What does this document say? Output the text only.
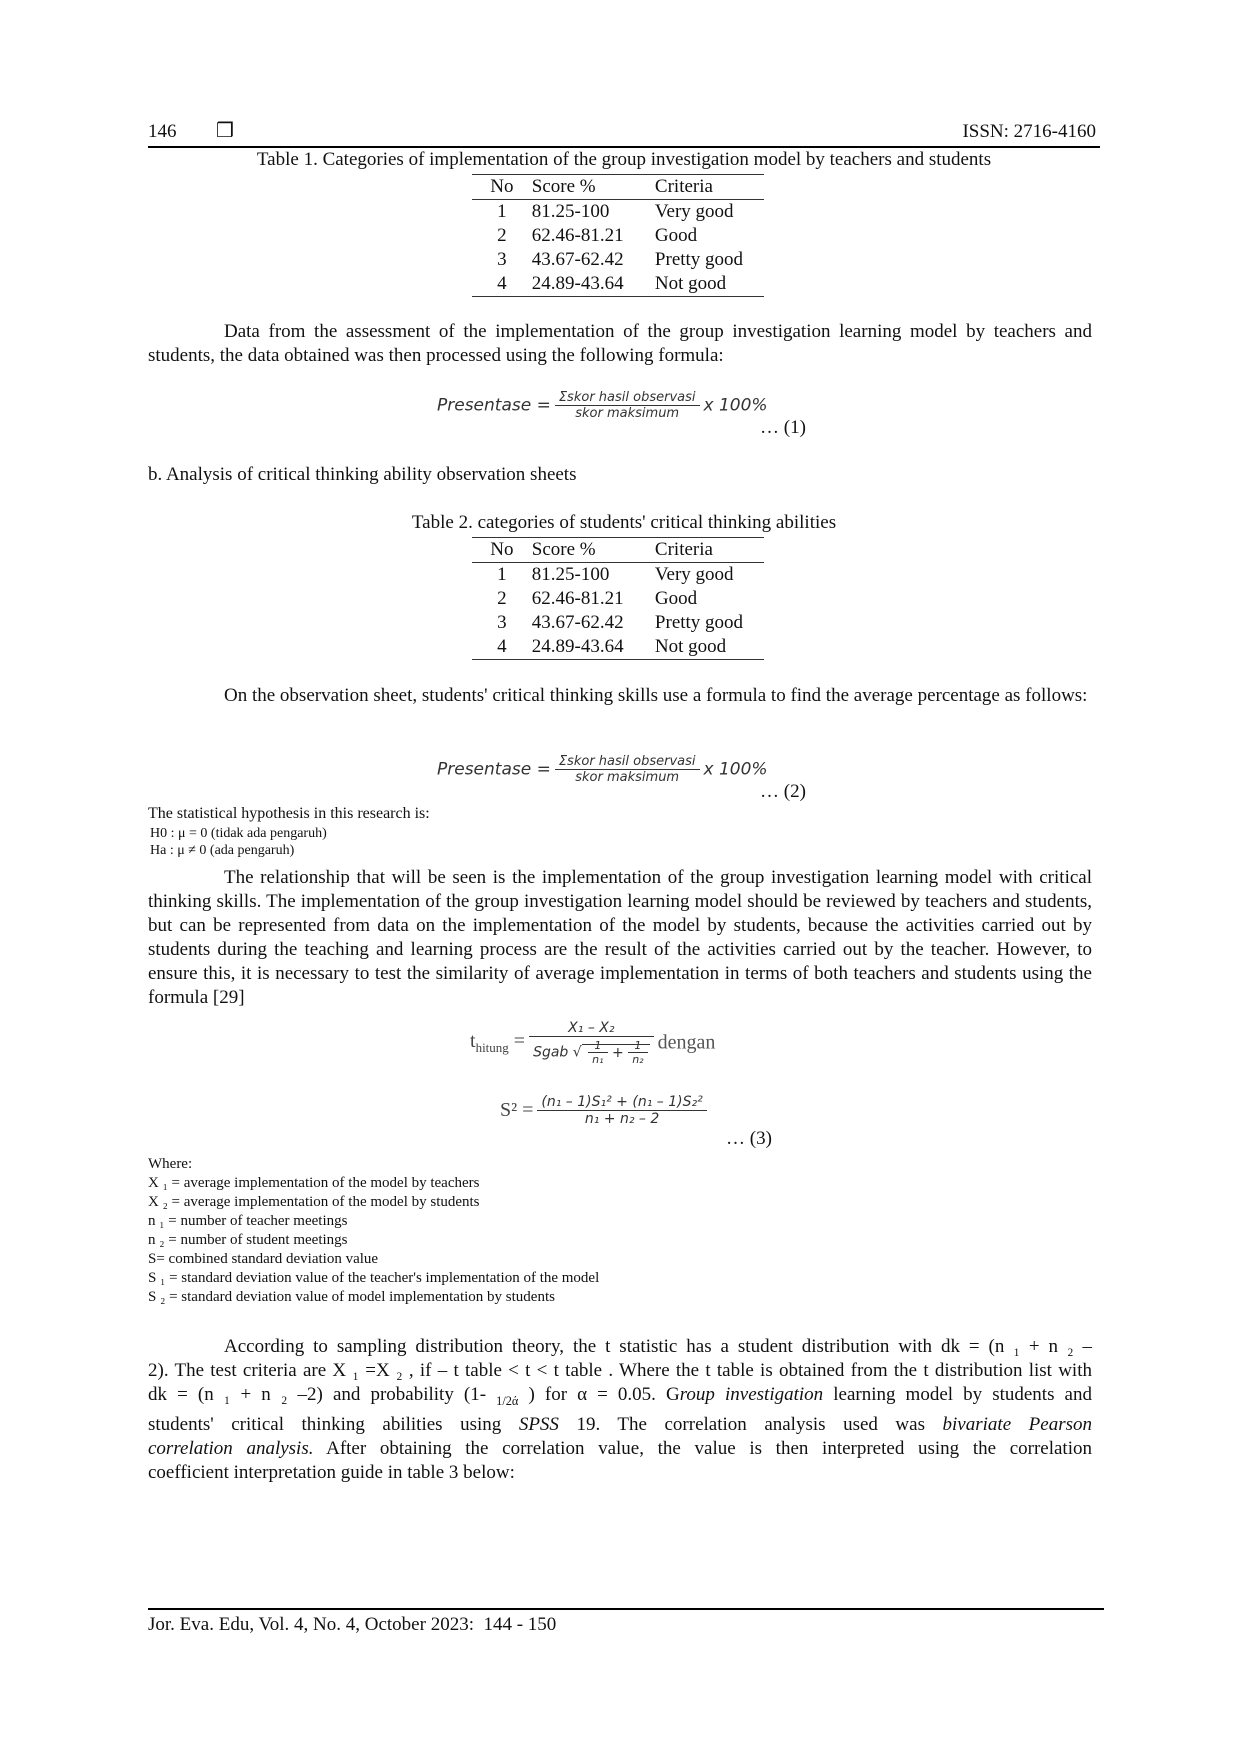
146 ❒	ISSN: 2716-4160
Table 1. Categories of implementation of the group investigation model by teachers and students
No	Score %	Criteria
1	81.25-100	Very good
2	62.46-81.21	Good
3	43.67-62.42	Pretty good
4	24.89-43.64	Not good
Data from the assessment of the implementation of the group investigation learning model by teachers and students, the data obtained was then processed using the following formula:
Presentase = $\frac{\text{Σskor hasil observasi}}{\text{skor maksimum}}$ x 100%
… (1)
b. Analysis of critical thinking ability observation sheets
Table 2. categories of students' critical thinking abilities
No	Score %	Criteria
1	81.25-100	Very good
2	62.46-81.21	Good
3	43.67-62.42	Pretty good
4	24.89-43.64	Not good
On the observation sheet, students' critical thinking skills use a formula to find the average percentage as follows:
Presentase = $\frac{\text{Σskor hasil observasi}}{\text{skor maksimum}}$ x 100%
… (2)
The statistical hypothesis in this research is:
H0 : μ = 0 (tidak ada pengaruh)
Ha : μ ≠ 0 (ada pengaruh)
The relationship that will be seen is the implementation of the group investigation learning model with critical thinking skills. The implementation of the group investigation learning model should be reviewed by teachers and students, but can be represented from data on the implementation of the model by students, because the activities carried out by students during the teaching and learning process are the result of the activities carried out by the teacher. However, to ensure this, it is necessary to test the similarity of average implementation in terms of both teachers and students using the formula [29]
$t_{hitung} = \frac{\text{X₁ – X₂}}{Sgab √ \frac{1}{\text{n₁}} + \frac{1}{\text{n₂}}}$ dengan
$S^2 = \frac{\text{(n₁ – 1)S₁² + (n₁ – 1)S₂²}}{\text{n₁ + n₂ – 2}}$
… (3)
Where:
X ₁ = average implementation of the model by teachers
X ₂ = average implementation of the model by students
n ₁ = number of teacher meetings
n ₂ = number of student meetings
S= combined standard deviation value
S ₁ = standard deviation value of the teacher's implementation of the model
S ₂ = standard deviation value of model implementation by students
According to sampling distribution theory, the t statistic has a student distribution with dk = (n ₁ + n ₂ –
2). The test criteria are X ₁ =X ₂ , if – t table < t < t table . Where the t table is obtained from the t distribution list with
dk = (n ₁ + n ₂ –2) and probability (1- $_{1/2ά}$ ) for α = 0.05. Group investigation learning model by students and
students' critical thinking abilities using SPSS 19. The correlation analysis used was bivariate Pearson
correlation analysis. After obtaining the correlation value, the value is then interpreted using the correlation
coefficient interpretation guide in table 3 below:
Jor. Eva. Edu, Vol. 4, No. 4, October 2023:  144 - 150
